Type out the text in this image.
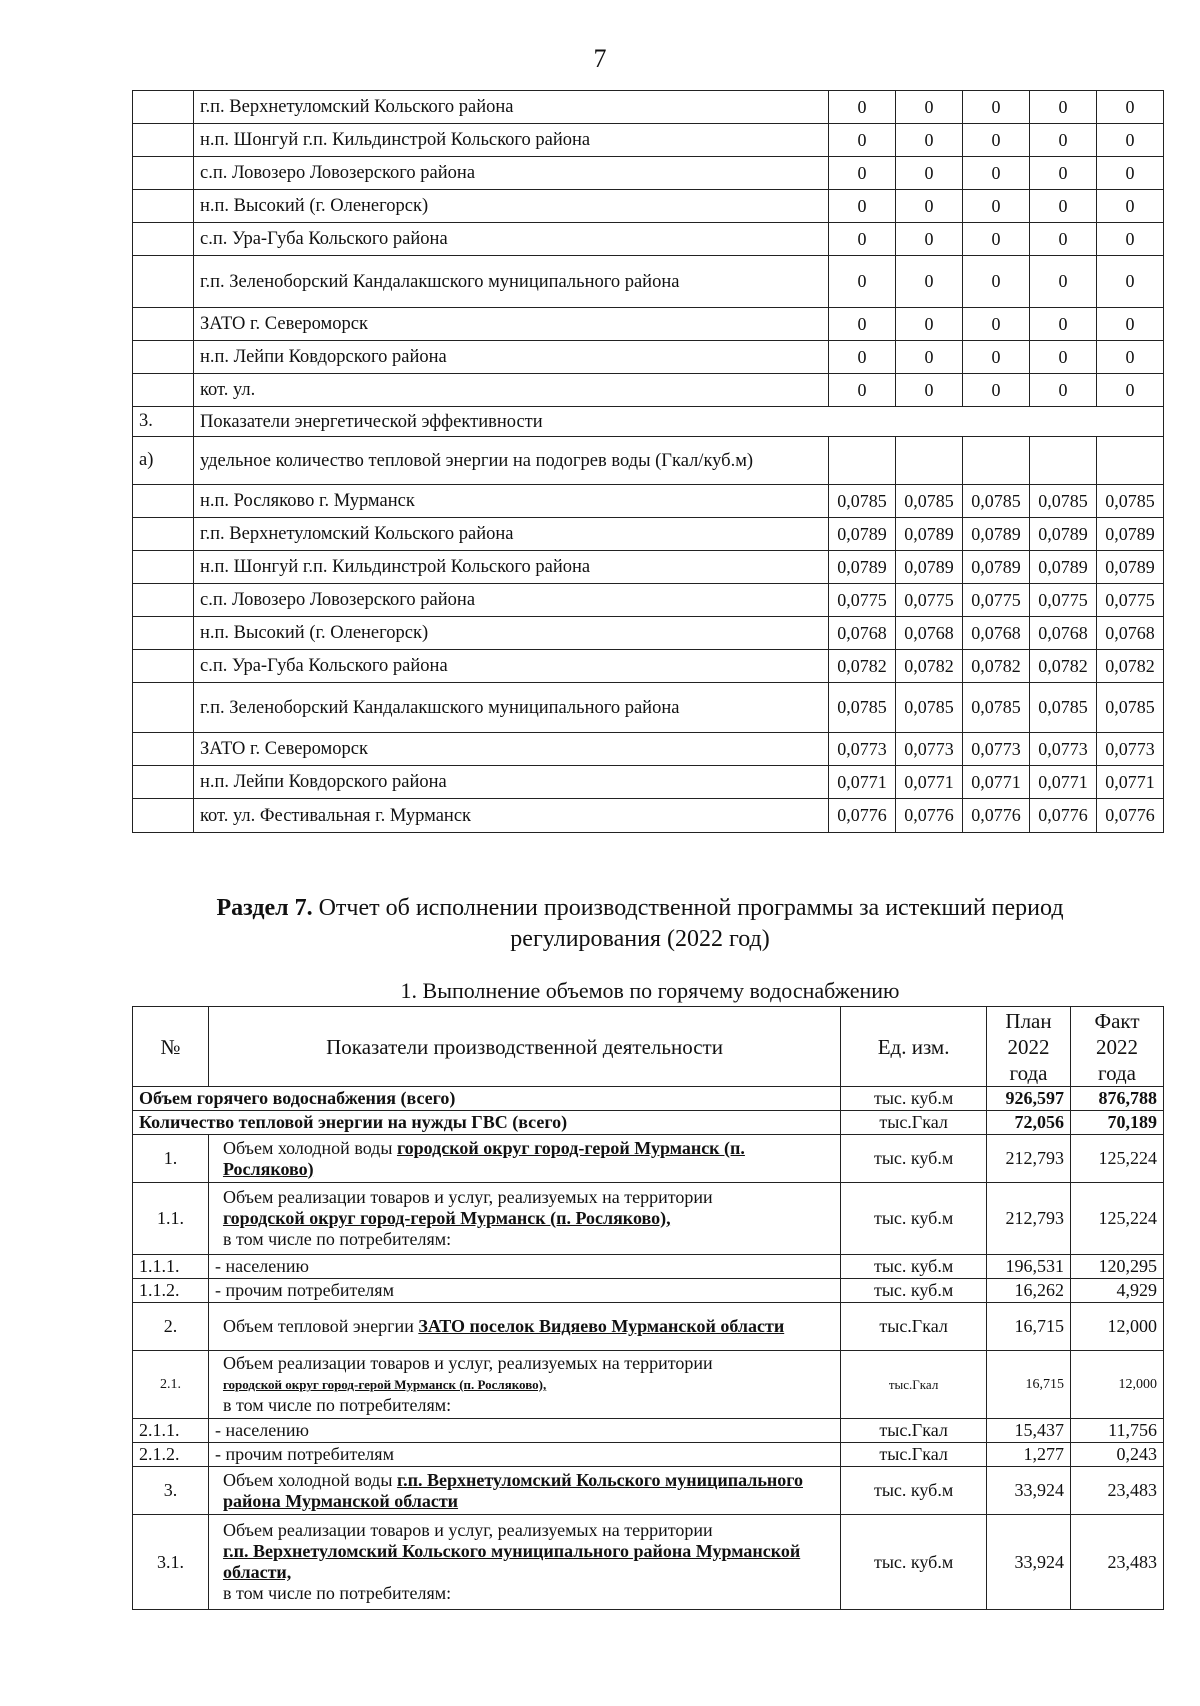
7
	г.п. Верхнетуломский Кольского района	0	0	0	0	0
	н.п. Шонгуй г.п. Кильдинстрой Кольского района	0	0	0	0	0
	с.п. Ловозеро Ловозерского района	0	0	0	0	0
	н.п. Высокий (г. Оленегорск)	0	0	0	0	0
	с.п. Ура-Губа Кольского района	0	0	0	0	0
	г.п. Зеленоборский Кандалакшского муниципального района	0	0	0	0	0
	ЗАТО г. Североморск	0	0	0	0	0
	н.п. Лейпи Ковдорского района	0	0	0	0	0
	кот. ул.	0	0	0	0	0
3.	Показатели энергетической эффективности					
а)	удельное количество тепловой энергии на подогрев воды (Гкал/куб.м)					
	н.п. Росляково г. Мурманск	0,0785	0,0785	0,0785	0,0785	0,0785
	г.п. Верхнетуломский Кольского района	0,0789	0,0789	0,0789	0,0789	0,0789
	н.п. Шонгуй г.п. Кильдинстрой Кольского района	0,0789	0,0789	0,0789	0,0789	0,0789
	с.п. Ловозеро Ловозерского района	0,0775	0,0775	0,0775	0,0775	0,0775
	н.п. Высокий (г. Оленегорск)	0,0768	0,0768	0,0768	0,0768	0,0768
	с.п. Ура-Губа Кольского района	0,0782	0,0782	0,0782	0,0782	0,0782
	г.п. Зеленоборский Кандалакшского муниципального района	0,0785	0,0785	0,0785	0,0785	0,0785
	ЗАТО г. Североморск	0,0773	0,0773	0,0773	0,0773	0,0773
	н.п. Лейпи Ковдорского района	0,0771	0,0771	0,0771	0,0771	0,0771
	кот. ул. Фестивальная г. Мурманск	0,0776	0,0776	0,0776	0,0776	0,0776
Раздел 7. Отчет об исполнении производственной программы за истекший период
регулирования (2022 год)
1. Выполнение объемов по горячему водоснабжению
№	Показатели производственной деятельности	Ед. изм.	План 2022 года	Факт 2022 года
Объем горячего водоснабжения (всего)		тыс. куб.м	926,597	876,788
Количество тепловой энергии на нужды ГВС (всего)		тыс.Гкал	72,056	70,189
1.	Объем холодной воды городской округ город-герой Мурманск (п. Росляково)	тыс. куб.м	212,793	125,224
1.1.	Объем реализации товаров и услуг, реализуемых на территории
городской округ город-герой Мурманск (п. Росляково),
в том числе по потребителям:	тыс. куб.м	212,793	125,224
1.1.1.	- населению	тыс. куб.м	196,531	120,295
1.1.2.	- прочим потребителям	тыс. куб.м	16,262	4,929
2.	Объем тепловой энергии ЗАТО поселок Видяево Мурманской области	тыс.Гкал	16,715	12,000
2.1.	Объем реализации товаров и услуг, реализуемых на территории
городской округ город-герой Мурманск (п. Росляково),
в том числе по потребителям:	тыс.Гкал	16,715	12,000
2.1.1.	- населению	тыс.Гкал	15,437	11,756
2.1.2.	- прочим потребителям	тыс.Гкал	1,277	0,243
3.	Объем холодной воды г.п. Верхнетуломский Кольского муниципального района Мурманской области	тыс. куб.м	33,924	23,483
3.1.	Объем реализации товаров и услуг, реализуемых на территории
г.п. Верхнетуломский Кольского муниципального района Мурманской области,
в том числе по потребителям:	тыс. куб.м	33,924	23,483
